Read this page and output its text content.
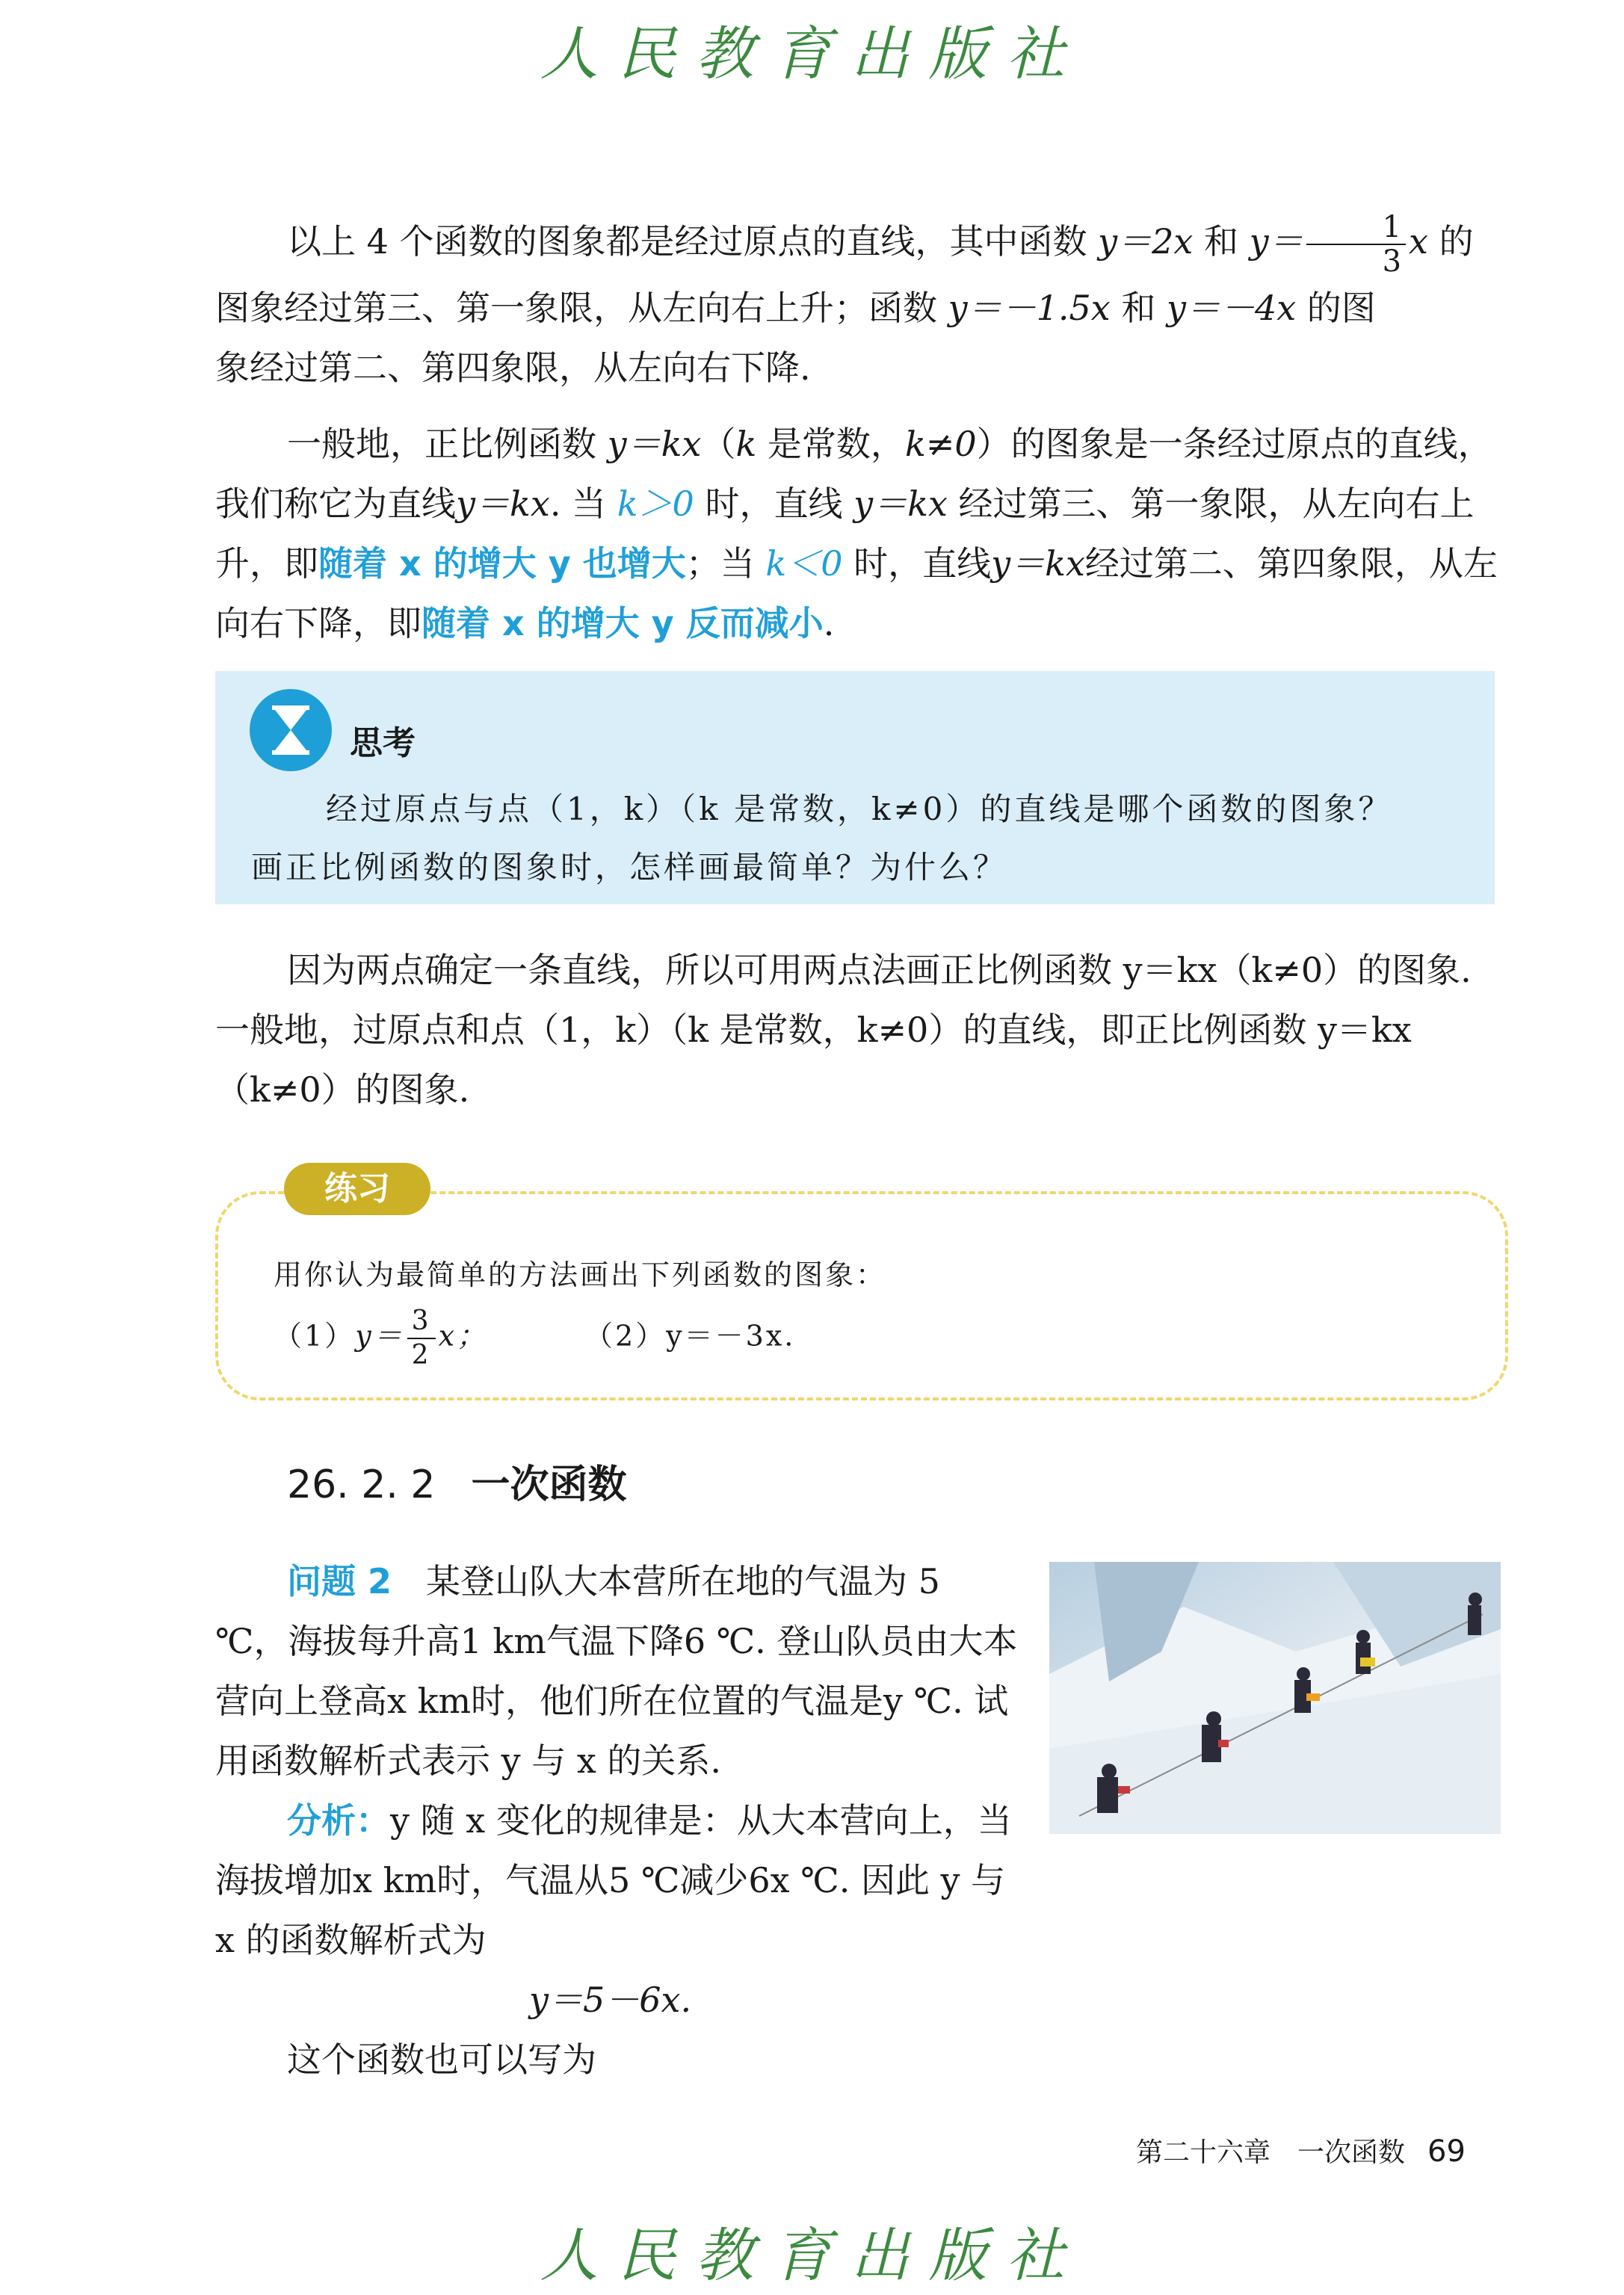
人民教育出版社

以上 4 个函数的图象都是经过原点的直线，其中函数 y＝2x 和 $y= \frac{1}{3}$ x 的

图象经过第三、第一象限，从左向右上升；函数 y＝－1.5x 和 y＝－4x 的图

象经过第二、第四象限，从左向右下降.

一般地，正比例函数 y＝kx（k 是常数，k≠0）的图象是一条经过原点的直线，我们称它为直线y＝kx. 当 k＞0 时，直线 y＝kx 经过第三、第一象限，从左向右上升，即随着 x 的增大 y 也增大；当 k＜0 时，直线y＝kx经过第二、第四象限，从左向右下降，即随着 x 的增大 y 反而减小.

思考

经过原点与点（1，k）（k 是常数，k≠0）的直线是哪个函数的图象？

画正比例函数的图象时，怎样画最简单？为什么？

因为两点确定一条直线，所以可用两点法画正比例函数 y＝kx（k≠0）的图象. 一般地，过原点和点（1，k）（k 是常数，k≠0）的直线，即正比例函数 y＝kx（k≠0）的图象.

练习

用你认为最简单的方法画出下列函数的图象：

$(1)y= \frac{3}{2}$ x；	（2）y＝－3x.

26. 2. 2 一次函数

问题 2　 某登山队大本营所在地的气温为 5 ℃，海拔每升高1 km气温下降6 ℃. 登山队员由大本营向上登高x km时，他们所在位置的气温是y ℃. 试用函数解析式表示 y 与 x 的关系.

分析：y 随 x 变化的规律是：从大本营向上，当海拔增加x km时，气温从5 ℃减少6x ℃. 因此 y 与 x 的函数解析式为

y＝5－6x.

这个函数也可以写为

第二十六章　一次函数 69
人民教育出版社
